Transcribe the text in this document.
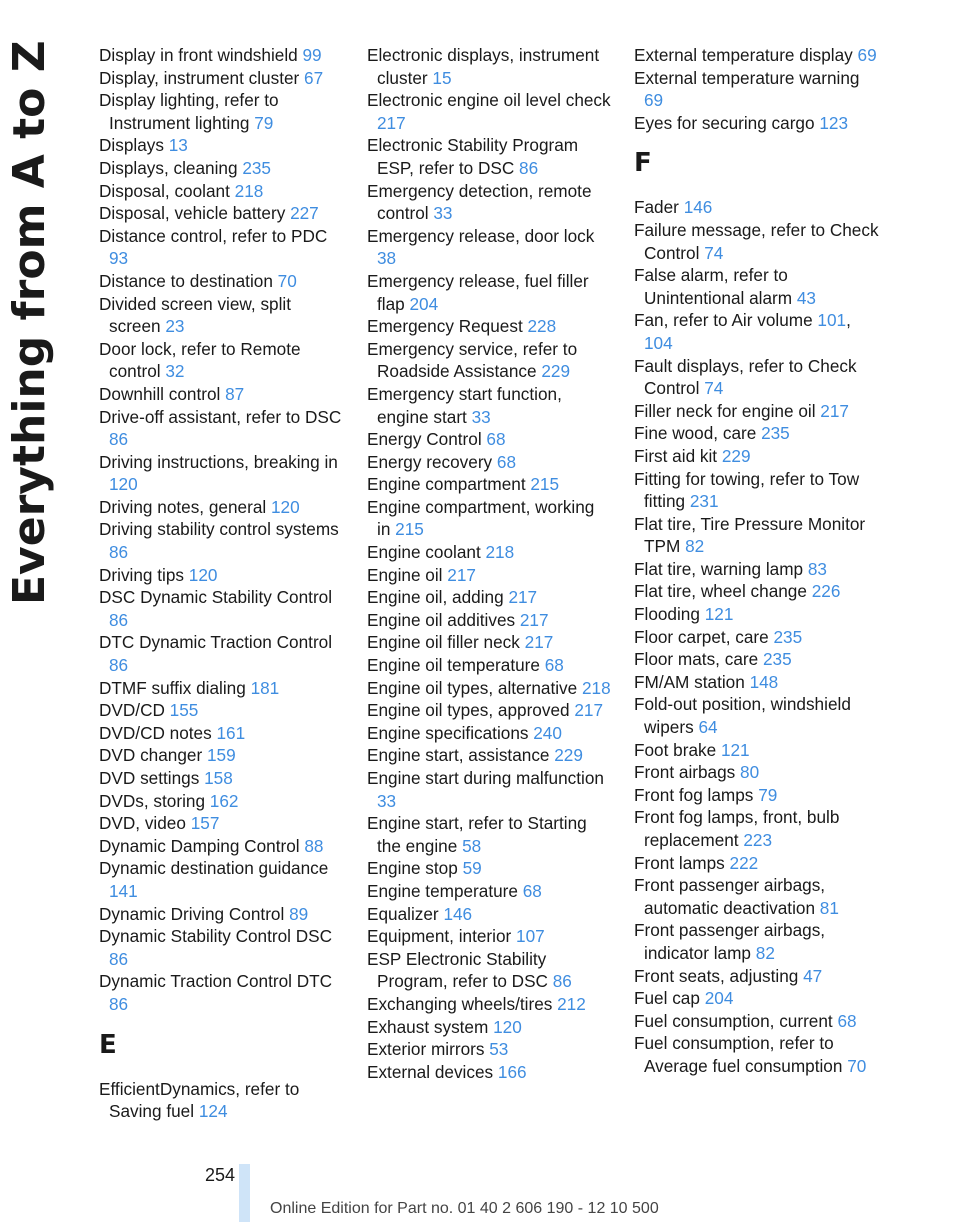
Everything from A to Z	Display in front windshield 99

Display, instrument cluster 67

Display lighting, refer to Instrument lighting 79

Displays 13

Displays, cleaning 235

Disposal, coolant 218

Disposal, vehicle battery 227

Distance control, refer to PDC 93

Distance to destination 70

Divided screen view, split screen 23

Door lock, refer to Remote control 32

Downhill control 87

Drive-off assistant, refer to DSC 86

Driving instructions, breaking in 120

Driving notes, general 120

Driving stability control systems 86

Driving tips 120

DSC Dynamic Stability Control 86

DTC Dynamic Traction Control 86

DTMF suffix dialing 181

DVD/CD 155

DVD/CD notes 161

DVD changer 159

DVD settings 158

DVDs, storing 162

DVD, video 157

Dynamic Damping Control 88

Dynamic destination guidance 141

Dynamic Driving Control 89

Dynamic Stability Control DSC 86

Dynamic Traction Control DTC 86

E

EfficientDynamics, refer to Saving fuel 124

Electronic displays, instrument cluster 15

Electronic engine oil level check 217

Electronic Stability Program ESP, refer to DSC 86

Emergency detection, remote control 33

Emergency release, door lock 38

Emergency release, fuel filler flap 204

Emergency Request 228

Emergency service, refer to Roadside Assistance 229

Emergency start function, engine start 33

Energy Control 68

Energy recovery 68

Engine compartment 215

Engine compartment, working in 215

Engine coolant 218

Engine oil 217

Engine oil, adding 217

Engine oil additives 217

Engine oil filler neck 217

Engine oil temperature 68

Engine oil types, alternative 218

Engine oil types, approved 217

Engine specifications 240

Engine start, assistance 229

Engine start during malfunction 33

Engine start, refer to Starting the engine 58

Engine stop 59

Engine temperature 68

Equalizer 146

Equipment, interior 107

ESP Electronic Stability Program, refer to DSC 86

Exchanging wheels/tires 212

Exhaust system 120

Exterior mirrors 53

External devices 166

External temperature display 69

External temperature warning 69

Eyes for securing cargo 123

F

Fader 146

Failure message, refer to Check Control 74

False alarm, refer to Unintentional alarm 43

Fan, refer to Air volume 101, 104

Fault displays, refer to Check Control 74

Filler neck for engine oil 217

Fine wood, care 235

First aid kit 229

Fitting for towing, refer to Tow fitting 231

Flat tire, Tire Pressure Monitor TPM 82

Flat tire, warning lamp 83

Flat tire, wheel change 226

Flooding 121

Floor carpet, care 235

Floor mats, care 235

FM/AM station 148

Fold-out position, windshield wipers 64

Foot brake 121

Front airbags 80

Front fog lamps 79

Front fog lamps, front, bulb replacement 223

Front lamps 222

Front passenger airbags, automatic deactivation 81

Front passenger airbags, indicator lamp 82

Front seats, adjusting 47

Fuel cap 204

Fuel consumption, current 68

Fuel consumption, refer to Average fuel consumption 70

254
Online Edition for Part no. 01 40 2 606 190 - 12 10 500
